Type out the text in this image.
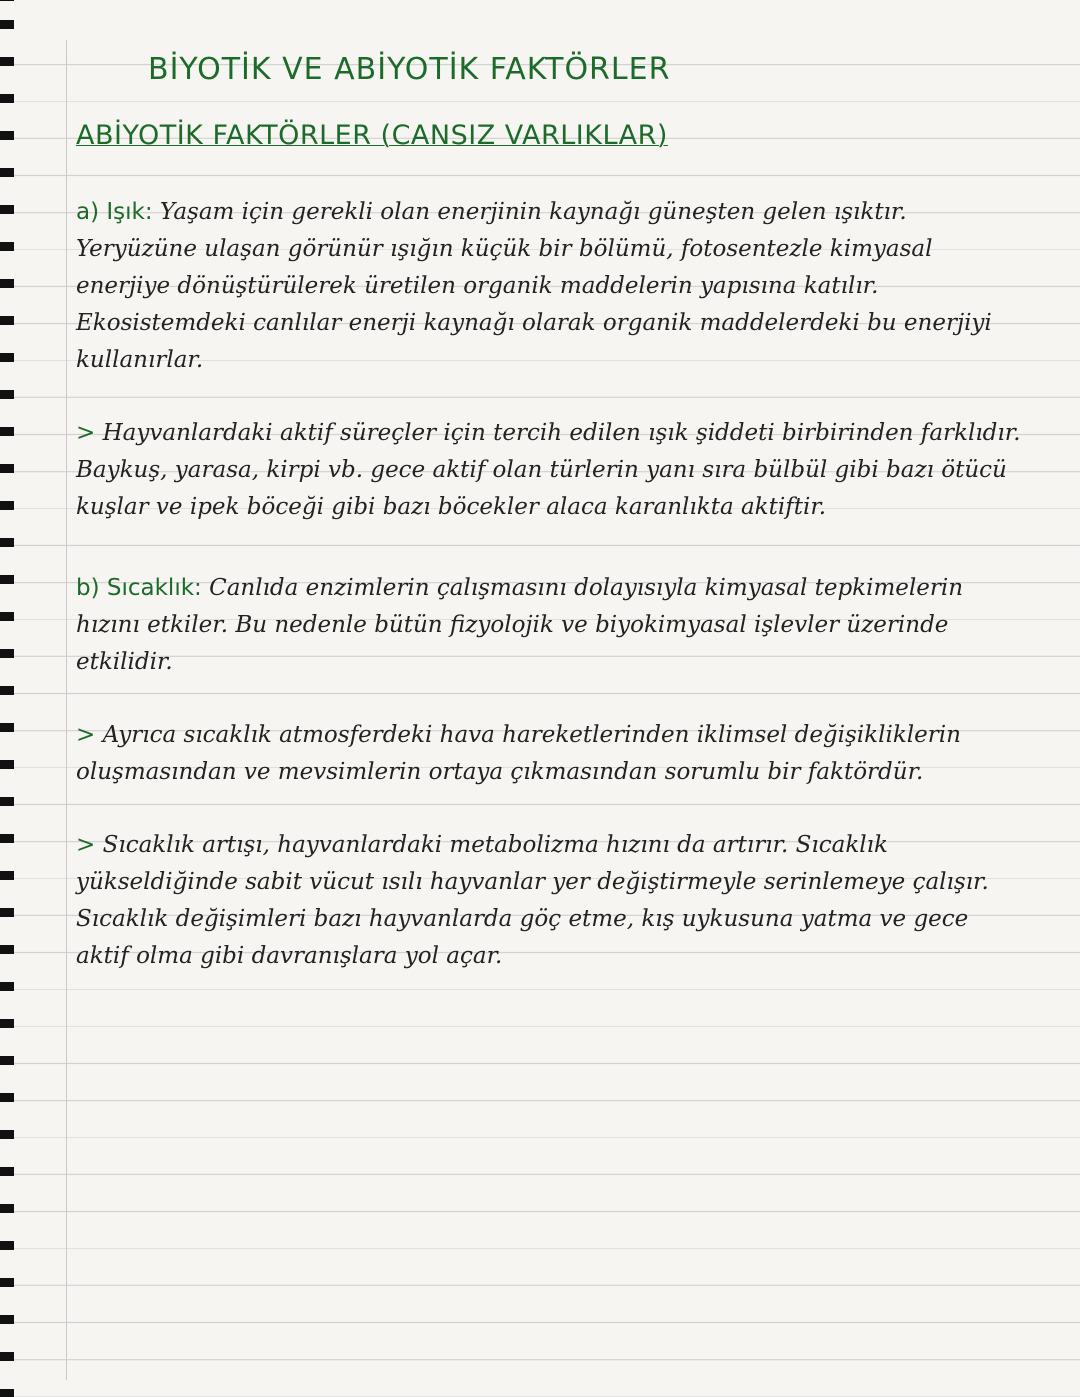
BİYOTİK VE ABİYOTİK FAKTÖRLER
ABİYOTİK FAKTÖRLER (CANSIZ VARLIKLAR)

a) Işık: Yaşam için gerekli olan enerjinin kaynağı güneşten gelen ışıktır. Yeryüzüne ulaşan görünür ışığın küçük bir bölümü, fotosentezle kimyasal enerjiye dönüştürülerek üretilen organik maddelerin yapısına katılır. Ekosistemdeki canlılar enerji kaynağı olarak organik maddelerdeki bu enerjiyi kullanırlar.

> Hayvanlardaki aktif süreçler için tercih edilen ışık şiddeti birbirinden farklıdır. Baykuş, yarasa, kirpi vb. gece aktif olan türlerin yanı sıra bülbül gibi bazı ötücü kuşlar ve ipek böceği gibi bazı böcekler alaca karanlıkta aktiftir.

b) Sıcaklık: Canlıda enzimlerin çalışmasını dolayısıyla kimyasal tepkimelerin hızını etkiler. Bu nedenle bütün fizyolojik ve biyokimyasal işlevler üzerinde etkilidir.

> Ayrıca sıcaklık atmosferdeki hava hareketlerinden iklimsel değişikliklerin oluşmasından ve mevsimlerin ortaya çıkmasından sorumlu bir faktördür.

> Sıcaklık artışı, hayvanlardaki metabolizma hızını da artırır. Sıcaklık yükseldiğinde sabit vücut ısılı hayvanlar yer değiştirmeyle serinlemeye çalışır. Sıcaklık değişimleri bazı hayvanlarda göç etme, kış uykusuna yatma ve gece aktif olma gibi davranışlara yol açar.
